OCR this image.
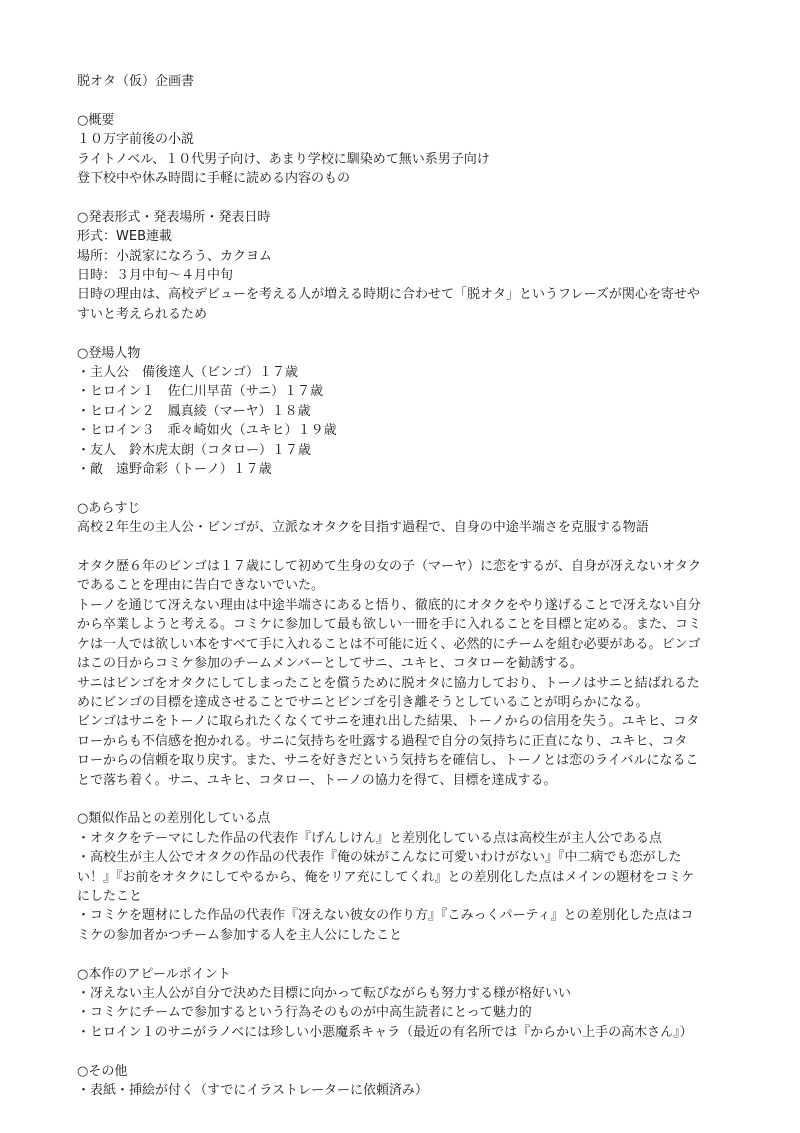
脱オタ（仮）企画書
○概要
１０万字前後の小説
ライトノベル、１０代男子向け、あまり学校に馴染めて無い系男子向け
登下校中や休み時間に手軽に読める内容のもの
○発表形式・発表場所・発表日時
形式：WEB連載
場所：小説家になろう、カクヨム
日時：３月中旬～４月中旬
日時の理由は、高校デビューを考える人が増える時期に合わせて「脱オタ」というフレーズが関心を寄せや
すいと考えられるため
○登場人物
・主人公　備後達人（ビンゴ）１７歳
・ヒロイン１　佐仁川早苗（サニ）１７歳
・ヒロイン２　鳳真綾（マーヤ）１８歳
・ヒロイン３　乖々崎如火（ユキヒ）１９歳
・友人　鈴木虎太朗（コタロー）１７歳
・敵　遠野命彩（トーノ）１７歳
○あらすじ
高校２年生の主人公・ビンゴが、立派なオタクを目指す過程で、自身の中途半端さを克服する物語
オタク歴６年のビンゴは１７歳にして初めて生身の女の子（マーヤ）に恋をするが、自身が冴えないオタク
であることを理由に告白できないでいた。
トーノを通じて冴えない理由は中途半端さにあると悟り、徹底的にオタクをやり遂げることで冴えない自分
から卒業しようと考える。コミケに参加して最も欲しい一冊を手に入れることを目標と定める。また、コミ
ケは一人では欲しい本をすべて手に入れることは不可能に近く、必然的にチームを組む必要がある。ビンゴ
はこの日からコミケ参加のチームメンバーとしてサニ、ユキヒ、コタローを勧誘する。
サニはビンゴをオタクにしてしまったことを償うために脱オタに協力しており、トーノはサニと結ばれるた
めにビンゴの目標を達成させることでサニとビンゴを引き離そうとしていることが明らかになる。
ビンゴはサニをトーノに取られたくなくてサニを連れ出した結果、トーノからの信用を失う。ユキヒ、コタ
ローからも不信感を抱かれる。サニに気持ちを吐露する過程で自分の気持ちに正直になり、ユキヒ、コタ
ローからの信頼を取り戻す。また、サニを好きだという気持ちを確信し、トーノとは恋のライバルになるこ
とで落ち着く。サニ、ユキヒ、コタロー、トーノの協力を得て、目標を達成する。
○類似作品との差別化している点
・オタクをテーマにした作品の代表作『げんしけん』と差別化している点は高校生が主人公である点
・高校生が主人公でオタクの作品の代表作『俺の妹がこんなに可愛いわけがない』『中二病でも恋がした
い！』『お前をオタクにしてやるから、俺をリア充にしてくれ』との差別化した点はメインの題材をコミケ
にしたこと
・コミケを題材にした作品の代表作『冴えない彼女の作り方』『こみっくパーティ』との差別化した点はコ
ミケの参加者かつチーム参加する人を主人公にしたこと
○本作のアピールポイント
・冴えない主人公が自分で決めた目標に向かって転びながらも努力する様が格好いい
・コミケにチームで参加するという行為そのものが中高生読者にとって魅力的
・ヒロイン１のサニがラノベには珍しい小悪魔系キャラ（最近の有名所では『からかい上手の高木さん』）
○その他
・表紙・挿絵が付く（すでにイラストレーターに依頼済み）
